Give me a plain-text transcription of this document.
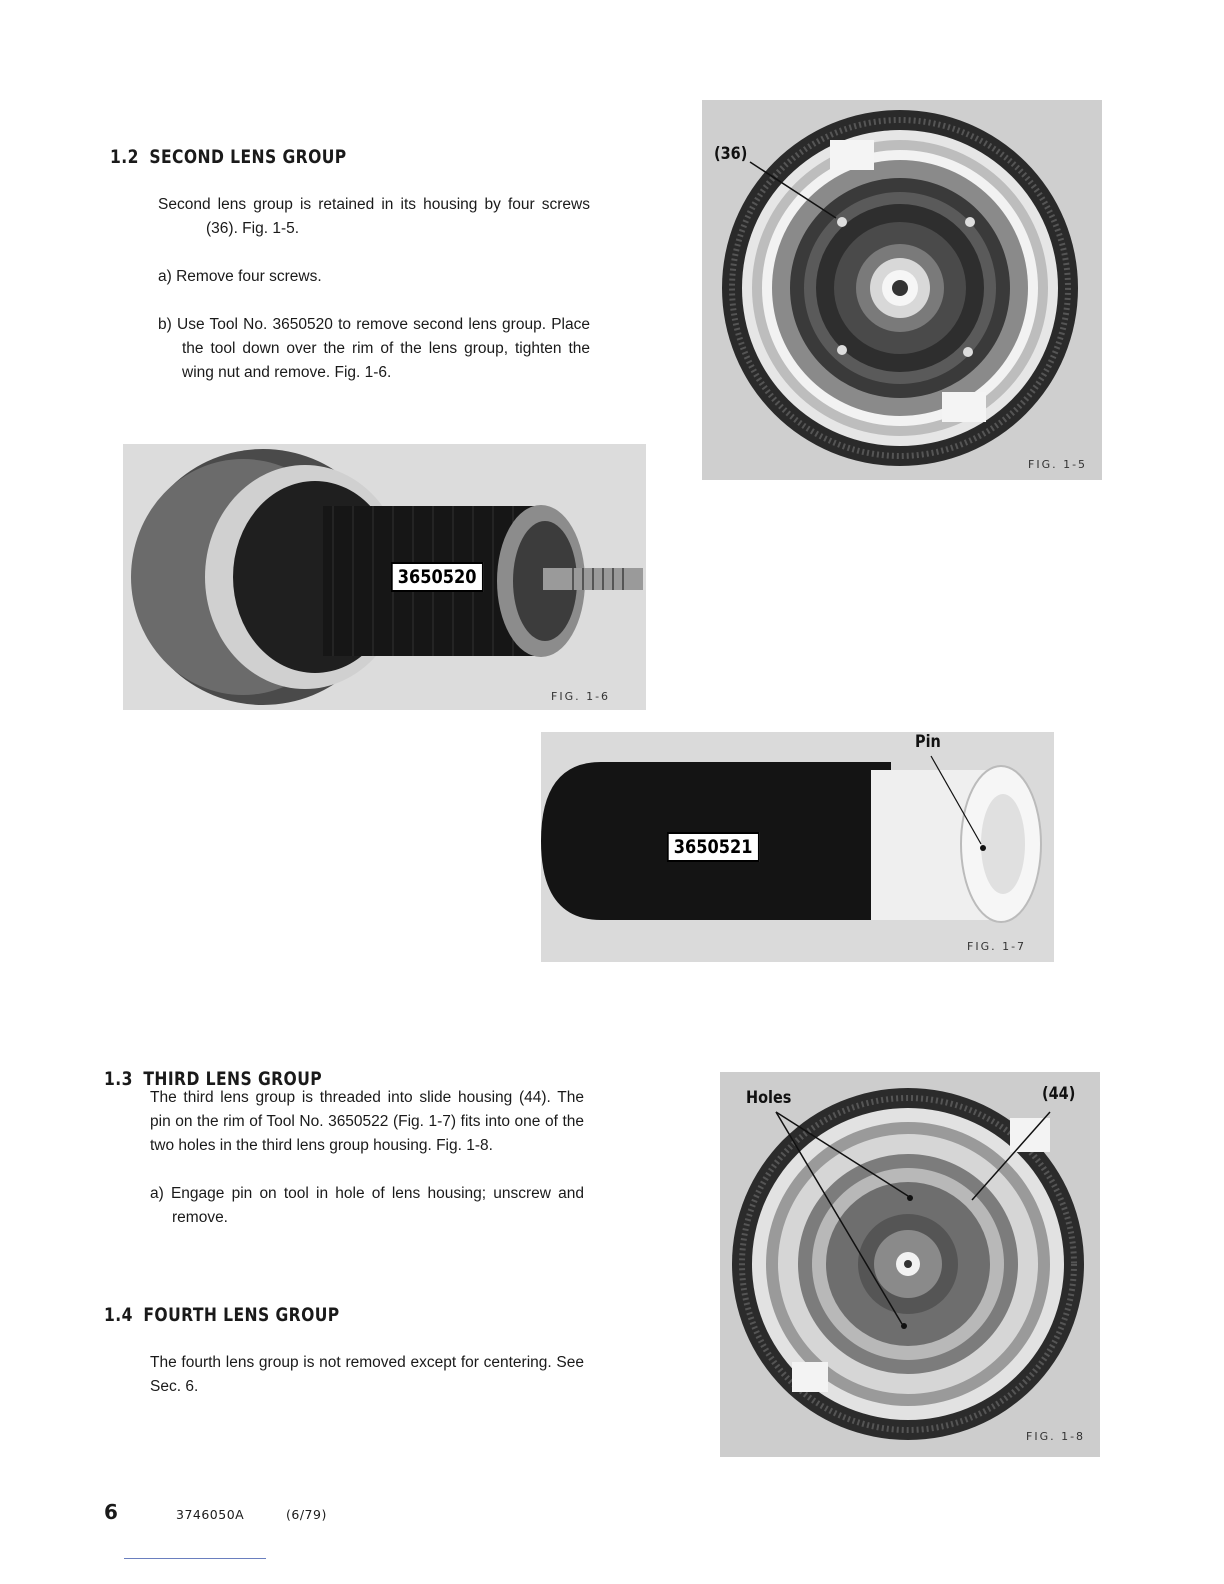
1.2 SECOND LENS GROUP

Second lens group is retained in its housing by four screws (36). Fig. 1-5.

a) Remove four screws.

b) Use Tool No. 3650520 to remove second lens group. Place the tool down over the rim of the lens group, tighten the wing nut and remove. Fig. 1-6.

(36)
FIG. 1-5
3650520
FIG. 1-6
Pin
3650521
FIG. 1-7
1.3 THIRD LENS GROUP

The third lens group is threaded into slide housing (44). The pin on the rim of Tool No. 3650522 (Fig. 1-7) fits into one of the two holes in the third lens group housing. Fig. 1-8.

a) Engage pin on tool in hole of lens housing; unscrew and remove.

1.4 FOURTH LENS GROUP

The fourth lens group is not removed except for centering. See Sec. 6.

Holes	(44)
FIG. 1-8
6	3746050A	(6/79)
